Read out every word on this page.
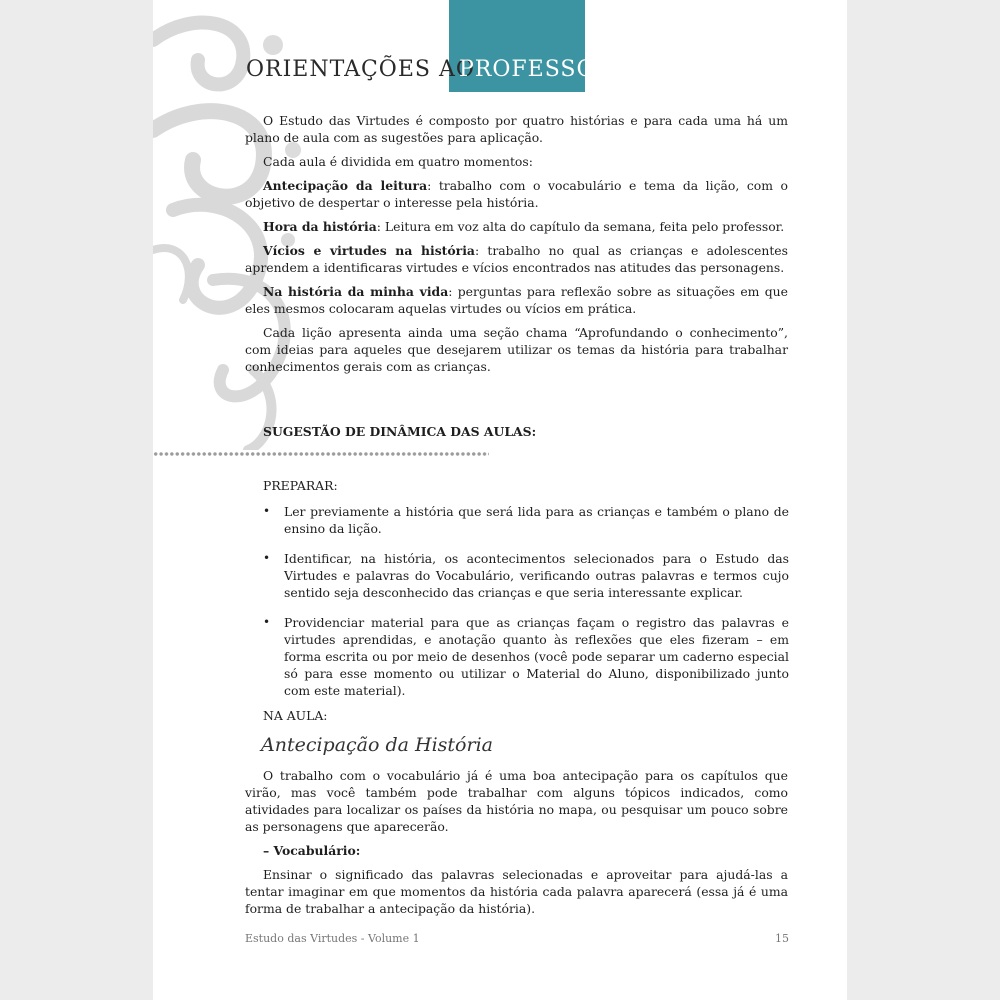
ORIENTAÇÕES AO
PROFESSOR

O Estudo das Virtudes é composto por quatro histórias e para cada uma há um plano de aula com as sugestões para aplicação.

Cada aula é dividida em quatro momentos:

Antecipação da leitura: trabalho com o vocabulário e tema da lição, com o objetivo de despertar o interesse pela história.

Hora da história: Leitura em voz alta do capítulo da semana, feita pelo professor.

Vícios e virtudes na história: trabalho no qual as crianças e adolescentes aprendem a identificaras virtudes e vícios encontrados nas atitudes das personagens.

Na história da minha vida: perguntas para reflexão sobre as situações em que eles mesmos colocaram aquelas virtudes ou vícios em prática.

Cada lição apresenta ainda uma seção chama “Aprofundando o conhecimento”, com ideias para aqueles que desejarem utilizar os temas da história para trabalhar conhecimentos gerais com as crianças.

SUGESTÃO DE DINÂMICA DAS AULAS:

PREPARAR:

• Ler previamente a história que será lida para as crianças e também o plano de ensino da lição.
• Identificar, na história, os acontecimentos selecionados para o Estudo das Virtudes e palavras do Vocabulário, verificando outras palavras e termos cujo sentido seja desconhecido das crianças e que seria interessante explicar.
• Providenciar material para que as crianças façam o registro das palavras e virtudes aprendidas, e anotação quanto às reflexões que eles fizeram – em forma escrita ou por meio de desenhos (você pode separar um caderno especial só para esse momento ou utilizar o Material do Aluno, disponibilizado junto com este material).

NA AULA:

Antecipação da História

O trabalho com o vocabulário já é uma boa antecipação para os capítulos que virão, mas você também pode trabalhar com alguns tópicos indicados, como atividades para localizar os países da história no mapa, ou pesquisar um pouco sobre as personagens que aparecerão.

– Vocabulário:

Ensinar o significado das palavras selecionadas e aproveitar para ajudá-las a tentar imaginar em que momentos da história cada palavra aparecerá (essa já é uma forma de trabalhar a antecipação da história).

Estudo das Virtudes - Volume 1	15
